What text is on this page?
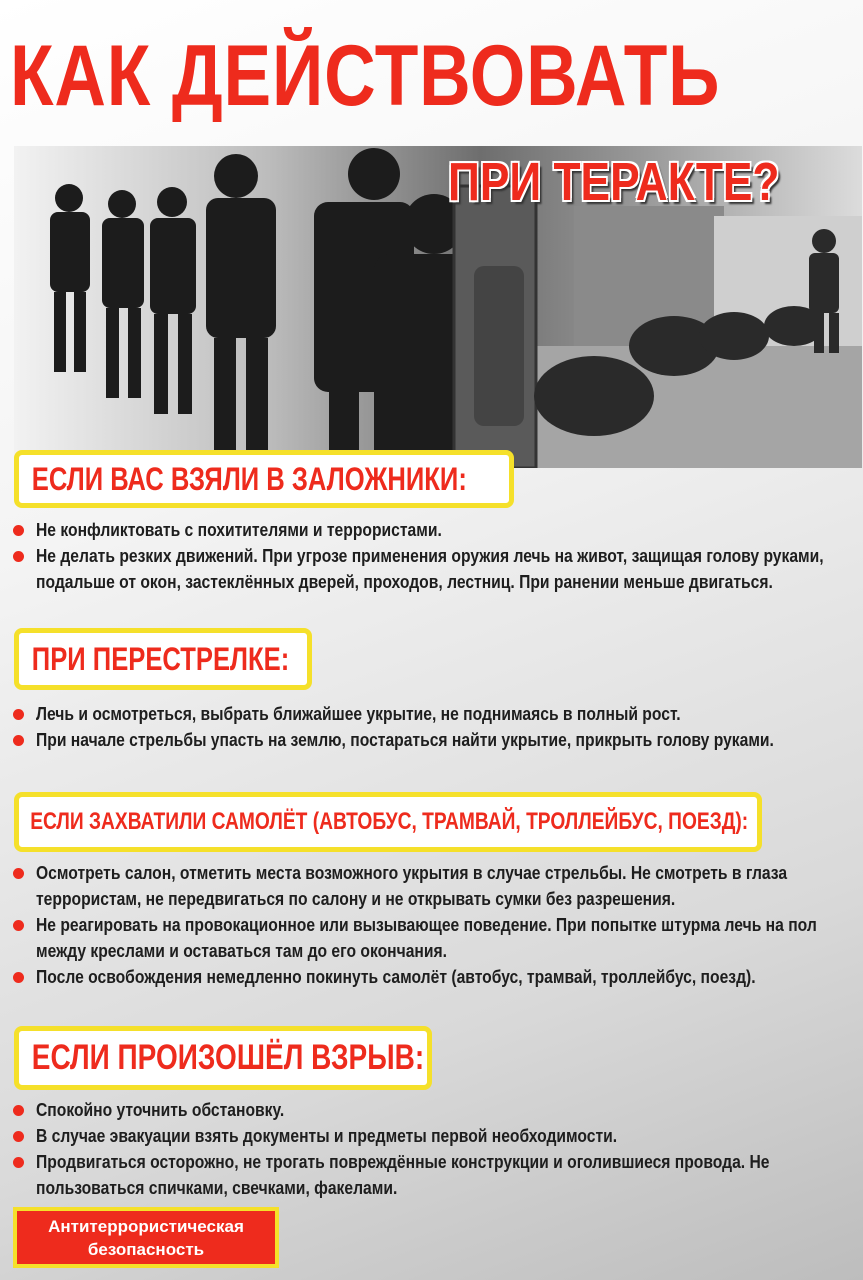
КАК ДЕЙСТВОВАТЬ
ПРИ ТЕРАКТЕ?
ЕСЛИ ВАС ВЗЯЛИ В ЗАЛОЖНИКИ:
Не конфликтовать с похитителями и террористами.
Не делать резких движений. При угрозе применения оружия лечь на живот, защищая голову руками, подальше от окон, застеклённых дверей, проходов, лестниц. При ранении меньше двигаться.
ПРИ ПЕРЕСТРЕЛКЕ:
Лечь и осмотреться, выбрать ближайшее укрытие, не поднимаясь в полный рост.
При начале стрельбы упасть на землю, постараться найти укрытие, прикрыть голову руками.
ЕСЛИ ЗАХВАТИЛИ САМОЛЁТ (АВТОБУС, ТРАМВАЙ, ТРОЛЛЕЙБУС, ПОЕЗД):
Осмотреть салон, отметить места возможного укрытия в случае стрельбы. Не смотреть в глаза террористам, не передвигаться по салону и не открывать сумки без разрешения.
Не реагировать на провокационное или вызывающее поведение. При попытке штурма лечь на пол между креслами и оставаться там до его окончания.
После освобождения немедленно покинуть самолёт (автобус, трамвай, троллейбус, поезд).
ЕСЛИ ПРОИЗОШЁЛ ВЗРЫВ:
Спокойно уточнить обстановку.
В случае эвакуации взять документы и предметы первой необходимости.
Продвигаться осторожно, не трогать повреждённые конструкции и оголившиеся провода. Не пользоваться спичками, свечками, факелами.
Антитеррористическая безопасность
